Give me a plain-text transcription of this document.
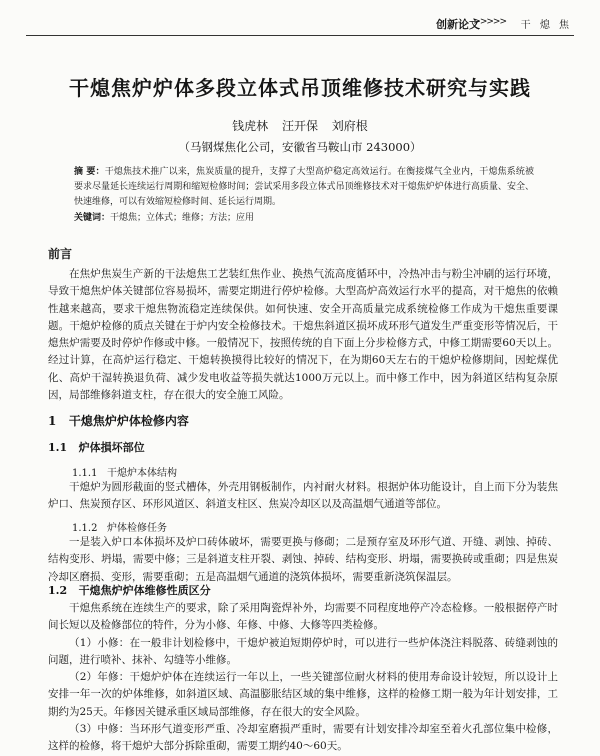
创新论文
>>>>> 干 熄 焦
干熄焦炉炉体多段立体式吊顶维修技术研究与实践
钱虎林 汪开保 刘府根
（马钢煤焦化公司，安徽省马鞍山市 243000）
摘 要：干熄焦技术推广以来，焦炭质量的提升，支撑了大型高炉稳定高效运行。在衡接煤气全业内，干熄焦系统被要求尽量延长连续运行周期和缩短检修时间；尝试采用多段立体式吊顶维修技术对干熄焦炉炉体进行高质量、安全、快速维修，可以有效缩短检修时间、延长运行周期。
关键词：干熄焦；立体式；维修；方法；应用
前言
在焦炉焦炭生产新的干法熄焦工艺装红焦作业、换热气流高度循环中，冷热冲击与粉尘冲刷的运行环境，导致干熄焦炉体关键部位容易损坏，需要定期进行停炉检修。大型高炉高效运行水平的提高，对干熄焦的依赖性越来越高，要求干熄焦物流稳定连续保供。如何快速、安全开高质量完成系统检修工作成为干熄焦重要课题。干熄炉检修的质点关键在于炉内安全检修技术。干熄焦斜道区损坏成环形气道发生严重变形等情况后，干熄焦炉需要及时停炉作修或中修。一般情况下，按照传统的自下面上分步检修方式，中修工期需要60天以上。经过计算，在高炉运行稳定、干熄转换摸得比较好的情况下，在为期60天左右的干熄炉检修期间，因蛇煤优化、高炉干湿转换退负荷、减少发电收益等损失就达1000万元以上。而中修工作中，因为斜道区结构复杂原因，局部维修斜道支柱，存在很大的安全施工风险。
1 干熄焦炉炉体检修内容
1.1 炉体損坏部位
1.1.1 干熄炉本体结构
干熄炉为圆形截面的竖式槽体，外壳用钢板制作，内衬耐火材料。根据炉体功能设计，自上而下分为装焦炉口、焦炭预存区、环形风道区、斜道支柱区、焦炭冷却区以及高温烟气通道等部位。
1.1.2 炉体检修任务
一是装入炉口本体损坏及炉口砖体破坏，需要更换与修砌；二是预存室及环形气道、开缝、剥蚀、掉砖、结构变形、坍塌，需要中修；三是斜道支柱开裂、剥蚀、掉砖、结构变形、坍塌，需要换砖或重砌；四是焦炭冷却区磨损、变形，需要重砌；五是高温烟气通道的浇筑体损坏，需要重新浇筑保温层。
1.2 干熄焦炉炉体维修性质区分
干熄焦系统在连续生产的要求，除了采用陶瓷焊补外，均需要不同程度地停产冷态检修。一般根据停产时间长短以及检修部位的特件，分为小修、年修、中修、大修等四类检修。
（1）小修：在一般非计划检修中，干熄炉被迫短期停炉时，可以进行一些炉体浇注料脱落、砖缝剥蚀的问题，进行喷补、抹补、勾缝等小维修。
（2）年修：干熄炉炉体在连续运行一年以上，一些关键部位耐火材料的使用寿命设计较短，所以设计上安排一年一次的炉体维修，如斜道区域、高温膨胀结区域的集中维修，这样的检修工期一般为年计划安排，工期约为25天。年修因关键承重区域局部维修，存在很大的安全风险。
（3）中修：当环形气道变形严重、冷却室磨损严重时，需要有计划安排冷却室至着火孔部位集中检修，这样的检修，将干熄炉大部分拆除重砌，需要工期约40～60天。
